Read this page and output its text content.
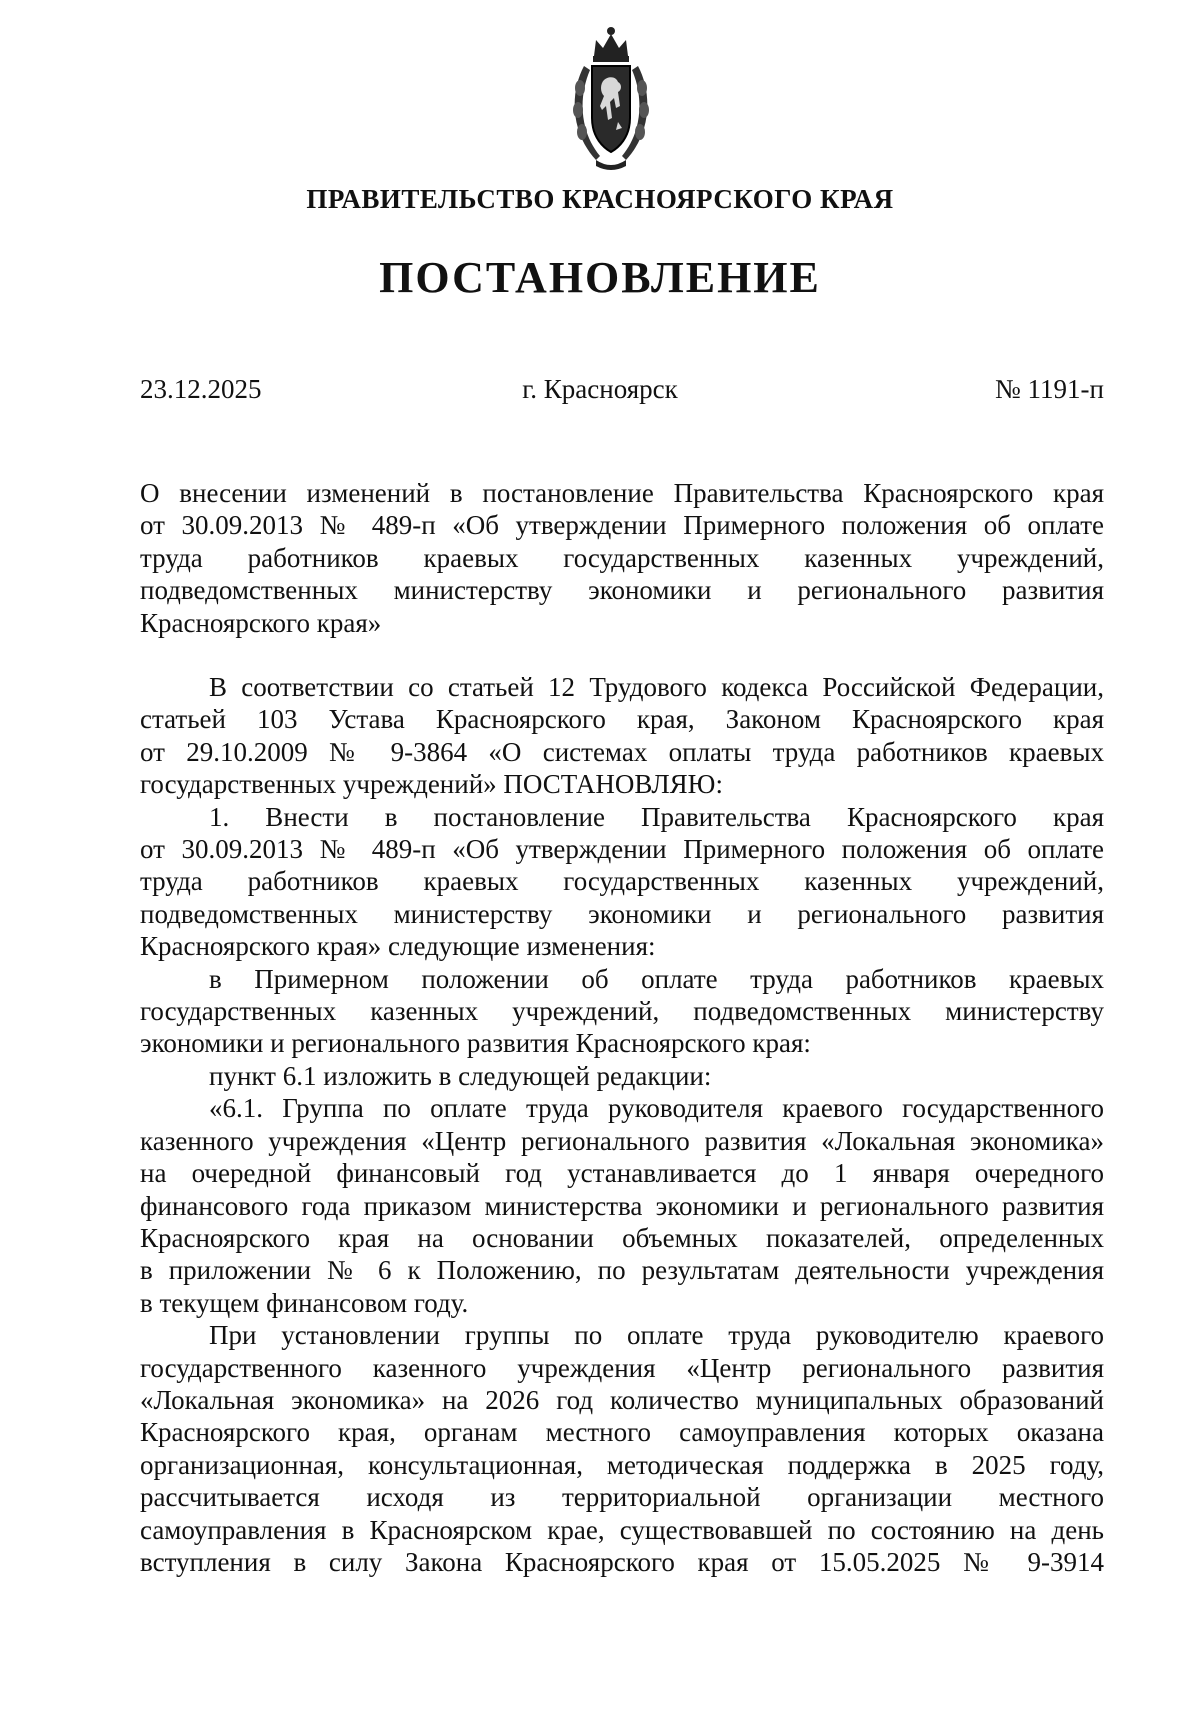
ПРАВИТЕЛЬСТВО КРАСНОЯРСКОГО КРАЯ
ПОСТАНОВЛЕНИЕ
23.12.2025	г. Красноярск	№ 1191-п
О внесении изменений в постановление Правительства Красноярского края
от 30.09.2013 № 489-п «Об утверждении Примерного положения об оплате
труда работников краевых государственных казенных учреждений,
подведомственных министерству экономики и регионального развития
Красноярского края»
В соответствии со статьей 12 Трудового кодекса Российской Федерации,
статьей 103 Устава Красноярского края, Законом Красноярского края
от 29.10.2009 № 9-3864 «О системах оплаты труда работников краевых
государственных учреждений» ПОСТАНОВЛЯЮ:
1. Внести в постановление Правительства Красноярского края
от 30.09.2013 № 489-п «Об утверждении Примерного положения об оплате
труда работников краевых государственных казенных учреждений,
подведомственных министерству экономики и регионального развития
Красноярского края» следующие изменения:
в Примерном положении об оплате труда работников краевых
государственных казенных учреждений, подведомственных министерству
экономики и регионального развития Красноярского края:
пункт 6.1 изложить в следующей редакции:
«6.1. Группа по оплате труда руководителя краевого государственного
казенного учреждения «Центр регионального развития «Локальная экономика»
на очередной финансовый год устанавливается до 1 января очередного
финансового года приказом министерства экономики и регионального развития
Красноярского края на основании объемных показателей, определенных
в приложении № 6 к Положению, по результатам деятельности учреждения
в текущем финансовом году.
При установлении группы по оплате труда руководителю краевого
государственного казенного учреждения «Центр регионального развития
«Локальная экономика» на 2026 год количество муниципальных образований
Красноярского края, органам местного самоуправления которых оказана
организационная, консультационная, методическая поддержка в 2025 году,
рассчитывается исходя из территориальной организации местного
самоуправления в Красноярском крае, существовавшей по состоянию на день
вступления в силу Закона Красноярского края от 15.05.2025 № 9-3914
